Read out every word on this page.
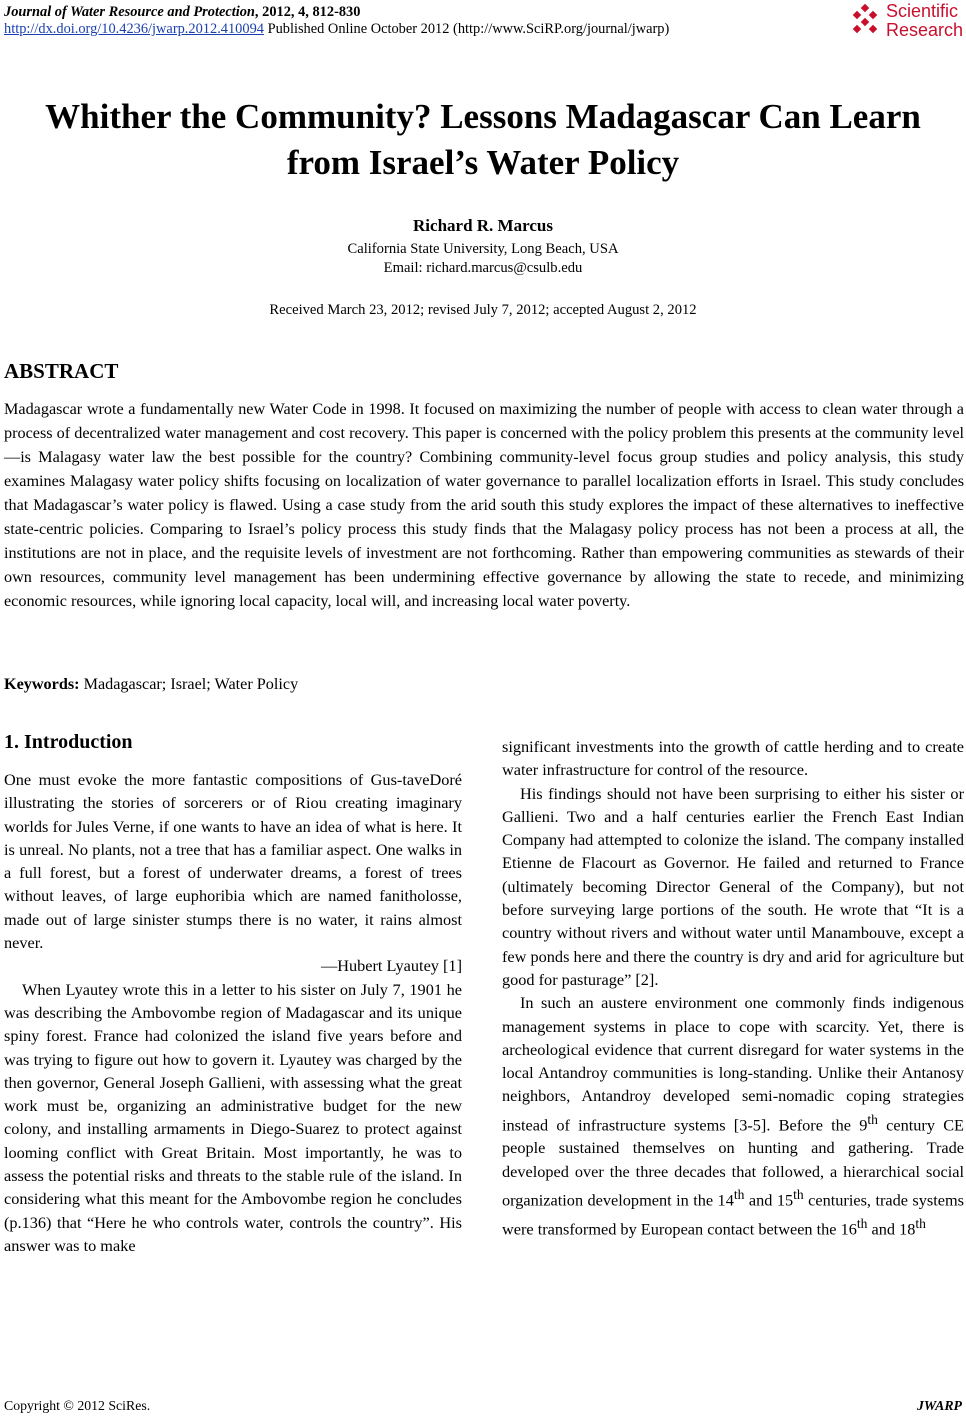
Journal of Water Resource and Protection, 2012, 4, 812-830
http://dx.doi.org/10.4236/jwarp.2012.410094 Published Online October 2012 (http://www.SciRP.org/journal/jwarp)
Scientific
Research
Whither the Community? Lessons Madagascar Can Learn
from Israel’s Water Policy
Richard R. Marcus
California State University, Long Beach, USA
Email: richard.marcus@csulb.edu
Received March 23, 2012; revised July 7, 2012; accepted August 2, 2012
ABSTRACT
Madagascar wrote a fundamentally new Water Code in 1998. It focused on maximizing the number of people with access to clean water through a process of decentralized water management and cost recovery. This paper is concerned with the policy problem this presents at the community level—is Malagasy water law the best possible for the country? Combining community-level focus group studies and policy analysis, this study examines Malagasy water policy shifts focusing on localization of water governance to parallel localization efforts in Israel. This study concludes that Madagascar’s water policy is flawed. Using a case study from the arid south this study explores the impact of these alternatives to ineffective state-centric policies. Comparing to Israel’s policy process this study finds that the Malagasy policy process has not been a process at all, the institutions are not in place, and the requisite levels of investment are not forthcoming. Rather than empowering communities as stewards of their own resources, community level management has been undermining effective governance by allowing the state to recede, and minimizing economic resources, while ignoring local capacity, local will, and increasing local water poverty.
Keywords: Madagascar; Israel; Water Policy
1. Introduction

One must evoke the more fantastic compositions of Gus-taveDoré illustrating the stories of sorcerers or of Riou creating imaginary worlds for Jules Verne, if one wants to have an idea of what is here. It is unreal. No plants, not a tree that has a familiar aspect. One walks in a full forest, but a forest of underwater dreams, a forest of trees without leaves, of large euphoribia which are named fanitholosse, made out of large sinister stumps there is no water, it rains almost never.

—Hubert Lyautey [1]

When Lyautey wrote this in a letter to his sister on July 7, 1901 he was describing the Ambovombe region of Madagascar and its unique spiny forest. France had colonized the island five years before and was trying to figure out how to govern it. Lyautey was charged by the then governor, General Joseph Gallieni, with assessing what the great work must be, organizing an administrative budget for the new colony, and installing armaments in Diego-Suarez to protect against looming conflict with Great Britain. Most importantly, he was to assess the potential risks and threats to the stable rule of the island. In considering what this meant for the Ambovombe region he concludes (p.136) that “Here he who controls water, controls the country”. His answer was to make

significant investments into the growth of cattle herding and to create water infrastructure for control of the resource.

His findings should not have been surprising to either his sister or Gallieni. Two and a half centuries earlier the French East Indian Company had attempted to colonize the island. The company installed Etienne de Flacourt as Governor. He failed and returned to France (ultimately becoming Director General of the Company), but not before surveying large portions of the south. He wrote that “It is a country without rivers and without water until Manambouve, except a few ponds here and there the country is dry and arid for agriculture but good for pasturage” [2].

In such an austere environment one commonly finds indigenous management systems in place to cope with scarcity. Yet, there is archeological evidence that current disregard for water systems in the local Antandroy communities is long-standing. Unlike their Antanosy neighbors, Antandroy developed semi-nomadic coping strategies instead of infrastructure systems [3-5]. Before the 9th century CE people sustained themselves on hunting and gathering. Trade developed over the three decades that followed, a hierarchical social organization development in the 14th and 15th centuries, trade systems were transformed by European contact between the 16th and 18th

Copyright © 2012 SciRes.	JWARP
